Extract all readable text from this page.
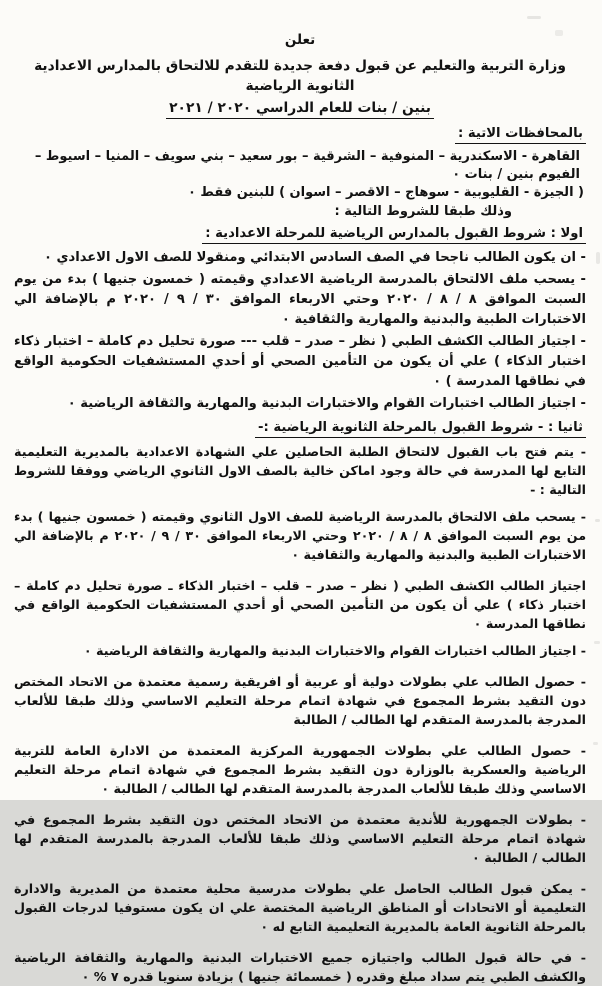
تعلن
وزارة التربية والتعليم عن قبول دفعة جديدة للتقدم للالتحاق بالمدارس الاعدادية الثانوية الرياضية
بنين / بنات للعام الدراسي ٢٠٢٠ / ٢٠٢١
بالمحافظات الاتية :

القاهرة - الاسكندرية – المنوفية – الشرقية – بور سعيد – بني سويف – المنيا – اسيوط – الفيوم بنين / بنات ٠

( الجيزة - القليوبية - سوهاج – الاقصر – اسوان ) للبنين فقط ٠

وذلك طبقا للشروط التالية :

اولا : شروط القبول بالمدارس الرياضية للمرحلة الاعدادية :

- ان يكون الطالب ناجحا في الصف السادس الابتدائي ومنقولا للصف الاول الاعدادي ٠

- يسحب ملف الالتحاق بالمدرسة الرياضية الاعدادي وقيمته ( خمسون جنيها ) بدء من يوم السبت الموافق ٨ / ٨ / ٢٠٢٠ وحتي الاربعاء الموافق ٣٠ / ٩ / ٢٠٢٠ م بالإضافة الي الاختبارات الطبية والبدنية والمهارية والثقافية ٠

- اجتياز الطالب الكشف الطبي ( نظر – صدر – قلب --- صورة تحليل دم كاملة – اختبار ذكاء اختبار الذكاء ) علي أن يكون من التأمين الصحي أو أحدي المستشفيات الحكومية الواقع في نطاقها المدرسة ) ٠

- اجتياز الطالب اختبارات القوام والاختبارات البدنية والمهارية والثقافة الرياضية ٠

ثانيا : - شروط القبول بالمرحلة الثانوية الرياضية :-

- يتم فتح باب القبول لالتحاق الطلبة الحاصلين علي الشهادة الاعدادية بالمديرية التعليمية التابع لها المدرسة في حالة وجود اماكن خالية بالصف الاول الثانوي الرياضي ووفقا للشروط التالية : -

- يسحب ملف الالتحاق بالمدرسة الرياضية للصف الاول الثانوي وقيمته ( خمسون جنيها ) بدء من يوم السبت الموافق ٨ / ٨ / ٢٠٢٠ وحتي الاربعاء الموافق ٣٠ / ٩ / ٢٠٢٠ م بالإضافة الي الاختبارات الطبية والبدنية والمهارية والثقافية ٠

اجتياز الطالب الكشف الطبي ( نظر – صدر – قلب – اختبار الذكاء ـ صورة تحليل دم كاملة – اختبار ذكاء ) علي أن يكون من التأمين الصحي أو أحدي المستشفيات الحكومية الواقع في نطاقها المدرسة ٠

- اجتياز الطالب اختبارات القوام والاختبارات البدنية والمهارية والثقافة الرياضية ٠

- حصول الطالب علي بطولات دولية أو عربية أو افريقية رسمية معتمدة من الاتحاد المختص دون التقيد بشرط المجموع في شهادة اتمام مرحلة التعليم الاساسي وذلك طبقا للألعاب المدرجة بالمدرسة المتقدم لها الطالب / الطالبة

- حصول الطالب علي بطولات الجمهورية المركزية المعتمدة من الادارة العامة للتربية الرياضية والعسكرية بالوزارة دون التقيد بشرط المجموع في شهادة اتمام مرحلة التعليم الاساسي وذلك طبقا للألعاب المدرجة بالمدرسة المتقدم لها الطالب / الطالبة ٠

- بطولات الجمهورية للأندية معتمدة من الاتحاد المختص دون التقيد بشرط المجموع في شهادة اتمام مرحلة التعليم الاساسي وذلك طبقا للألعاب المدرجة بالمدرسة المتقدم لها الطالب / الطالبة ٠

- يمكن قبول الطالب الحاصل علي بطولات مدرسية محلية معتمدة من المديرية والادارة التعليمية أو الاتحادات أو المناطق الرياضية المختصة علي ان يكون مستوفيا لدرجات القبول بالمرحلة الثانوية العامة بالمديرية التعليمية التابع له ٠

- في حالة قبول الطالب واجتيازه جميع الاختبارات البدنية والمهارية والثقافة الرياضية والكشف الطبي يتم سداد مبلغ وقدره ( خمسمائة جنيها ) بزيادة سنويا قدره ٧ % ٠
